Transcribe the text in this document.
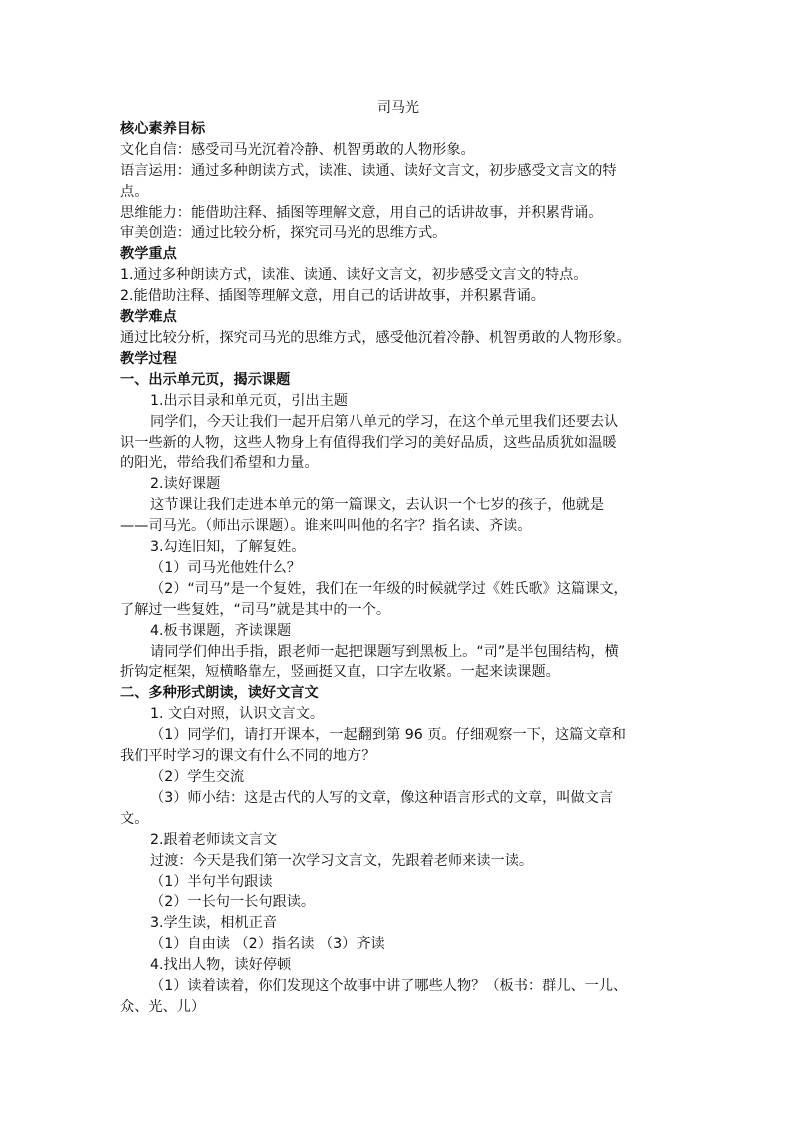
司马光
核心素养目标
文化自信：感受司马光沉着冷静、机智勇敢的人物形象。
语言运用：通过多种朗读方式，读准、读通、读好文言文，初步感受文言文的特
点。
思维能力：能借助注释、插图等理解文意，用自己的话讲故事，并积累背诵。
审美创造：通过比较分析，探究司马光的思维方式。
教学重点
1.通过多种朗读方式，读准、读通、读好文言文，初步感受文言文的特点。
2.能借助注释、插图等理解文意，用自己的话讲故事，并积累背诵。
教学难点
通过比较分析，探究司马光的思维方式，感受他沉着冷静、机智勇敢的人物形象。
教学过程
一、出示单元页，揭示课题
1.出示目录和单元页，引出主题
同学们，今天让我们一起开启第八单元的学习，在这个单元里我们还要去认
识一些新的人物，这些人物身上有值得我们学习的美好品质，这些品质犹如温暖
的阳光，带给我们希望和力量。
2.读好课题
这节课让我们走进本单元的第一篇课文，去认识一个七岁的孩子，他就是
——司马光。（师出示课题）。谁来叫叫他的名字？指名读、齐读。
3.勾连旧知，了解复姓。
（1）司马光他姓什么？
（2）“司马”是一个复姓，我们在一年级的时候就学过《姓氏歌》这篇课文，
了解过一些复姓，“司马”就是其中的一个。
4.板书课题，齐读课题
请同学们伸出手指，跟老师一起把课题写到黑板上。“司”是半包围结构，横
折钩定框架，短横略靠左，竖画挺又直，口字左收紧。一起来读课题。
二、多种形式朗读，读好文言文
1. 文白对照，认识文言文。
（1）同学们，请打开课本，一起翻到第 96 页。仔细观察一下，这篇文章和
我们平时学习的课文有什么不同的地方？
（2）学生交流
（3）师小结：这是古代的人写的文章，像这种语言形式的文章，叫做文言
文。
2.跟着老师读文言文
过渡：今天是我们第一次学习文言文，先跟着老师来读一读。
（1）半句半句跟读
（2）一长句一长句跟读。
3.学生读，相机正音
（1）自由读 （2）指名读 （3）齐读
4.找出人物，读好停顿
（1）读着读着，你们发现这个故事中讲了哪些人物？（板书：群儿、一儿、
众、光、儿）
